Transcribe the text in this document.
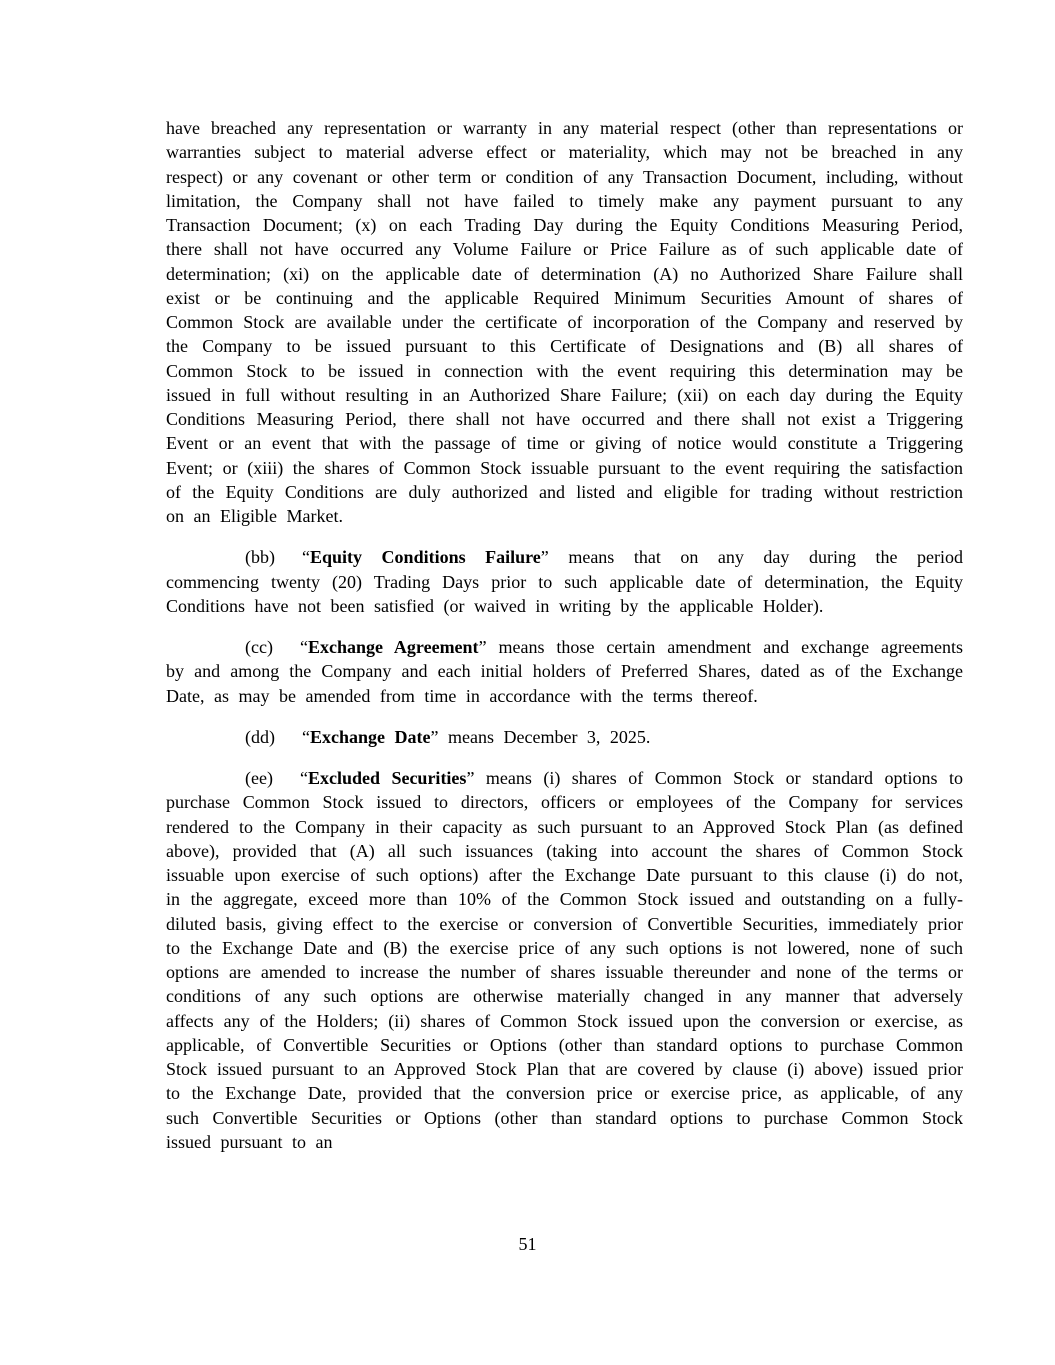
have breached any representation or warranty in any material respect (other than representations or warranties subject to material adverse effect or materiality, which may not be breached in any respect) or any covenant or other term or condition of any Transaction Document, including, without limitation, the Company shall not have failed to timely make any payment pursuant to any Transaction Document; (x) on each Trading Day during the Equity Conditions Measuring Period, there shall not have occurred any Volume Failure or Price Failure as of such applicable date of determination; (xi) on the applicable date of determination (A) no Authorized Share Failure shall exist or be continuing and the applicable Required Minimum Securities Amount of shares of Common Stock are available under the certificate of incorporation of the Company and reserved by the Company to be issued pursuant to this Certificate of Designations and (B) all shares of Common Stock to be issued in connection with the event requiring this determination may be issued in full without resulting in an Authorized Share Failure; (xii) on each day during the Equity Conditions Measuring Period, there shall not have occurred and there shall not exist a Triggering Event or an event that with the passage of time or giving of notice would constitute a Triggering Event; or (xiii) the shares of Common Stock issuable pursuant to the event requiring the satisfaction of the Equity Conditions are duly authorized and listed and eligible for trading without restriction on an Eligible Market.

(bb) “Equity Conditions Failure” means that on any day during the period commencing twenty (20) Trading Days prior to such applicable date of determination, the Equity Conditions have not been satisfied (or waived in writing by the applicable Holder).

(cc) “Exchange Agreement” means those certain amendment and exchange agreements by and among the Company and each initial holders of Preferred Shares, dated as of the Exchange Date, as may be amended from time in accordance with the terms thereof.

(dd) “Exchange Date” means December 3, 2025.

(ee) “Excluded Securities” means (i) shares of Common Stock or standard options to purchase Common Stock issued to directors, officers or employees of the Company for services rendered to the Company in their capacity as such pursuant to an Approved Stock Plan (as defined above), provided that (A) all such issuances (taking into account the shares of Common Stock issuable upon exercise of such options) after the Exchange Date pursuant to this clause (i) do not, in the aggregate, exceed more than 10% of the Common Stock issued and outstanding on a fully-diluted basis, giving effect to the exercise or conversion of Convertible Securities, immediately prior to the Exchange Date and (B) the exercise price of any such options is not lowered, none of such options are amended to increase the number of shares issuable thereunder and none of the terms or conditions of any such options are otherwise materially changed in any manner that adversely affects any of the Holders; (ii) shares of Common Stock issued upon the conversion or exercise, as applicable, of Convertible Securities or Options (other than standard options to purchase Common Stock issued pursuant to an Approved Stock Plan that are covered by clause (i) above) issued prior to the Exchange Date, provided that the conversion price or exercise price, as applicable, of any such Convertible Securities or Options (other than standard options to purchase Common Stock issued pursuant to an

51
